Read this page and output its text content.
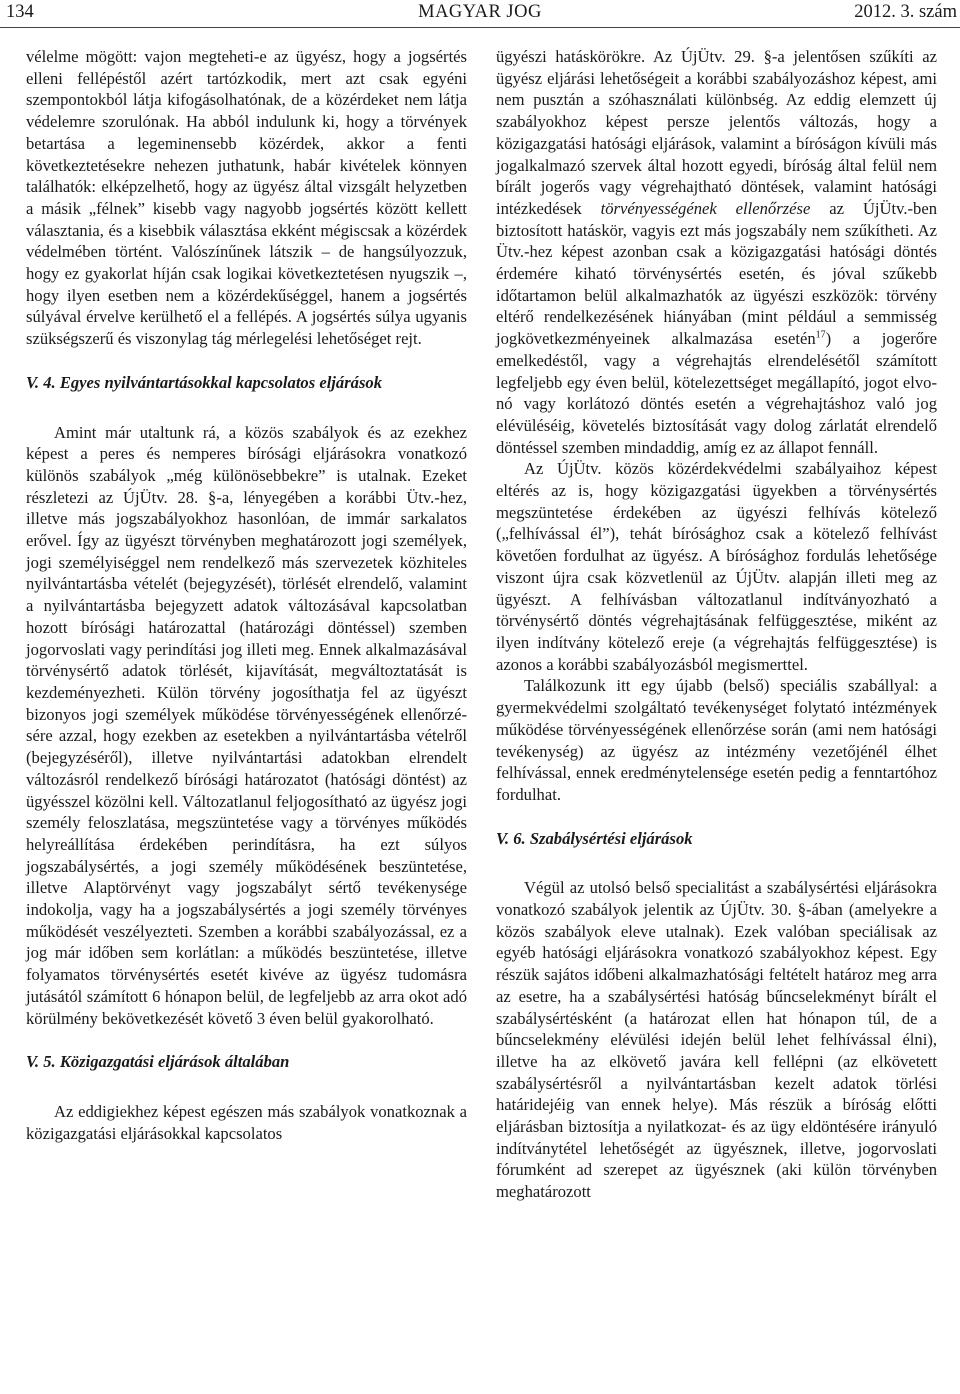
134	MAGYAR JOG	2012. 3. szám

vélelme mögött: vajon megteheti-e az ügyész, hogy a jogsértés elleni fellépéstől azért tartózkodik, mert azt csak egyéni szempontokból látja kifogásolhatónak, de a közérdeket nem látja védelemre szorulónak. Ha abból indulunk ki, hogy a törvények betartása a legeminensebb közérdek, akkor a fenti következtetésekre nehezen juthatunk, habár kivételek könnyen találhatók: elképzelhető, hogy az ügyész által vizsgált helyzetben a másik „félnek” kisebb vagy nagyobb jogsértés között kellett választania, és a kisebbik választása ekként mégiscsak a közérdek védelmében történt. Valószínűnek látszik – de hangsúlyozzuk, hogy ez gyakorlat híján csak logikai következtetésen nyugszik –, hogy ilyen esetben nem a közérdekűséggel, hanem a jogsértés súlyával érvelve kerülhető el a fellépés. A jogsértés súlya ugyanis szükségszerű és viszonylag tág mérlegelési lehetőséget rejt.

V. 4. Egyes nyilvántartásokkal kapcsolatos eljárások

Amint már utaltunk rá, a közös szabályok és az ezekhez képest a peres és nemperes bírósági eljárásokra vonatkozó különös szabályok „még különösebbekre” is utalnak. Ezeket részletezi az ÚjÜtv. 28. §-a, lényegében a korábbi Ütv.-hez, illetve más jogszabályokhoz hasonlóan, de immár sarkalatos erővel. Így az ügyészt törvényben meghatározott jogi személyek, jogi személyiséggel nem rendelkező más szervezetek közhiteles nyilvántartásba vételét (bejegyzését), törlését elrendelő, valamint a nyilvántartásba bejegyzett adatok változásával kapcsolatban hozott bírósági határozattal (határozági döntéssel) szemben jogorvoslati vagy perindítási jog illeti meg. Ennek alkalmazásával törvénysértő adatok törlését, kijavítását, megváltoztatását is kezdeményezheti. Külön törvény jogosíthatja fel az ügyészt bizonyos jogi személyek működése törvényességének ellenőrzésére azzal, hogy ezekben az esetekben a nyilvántartásba vételről (bejegyzéséről), illetve nyilvántartási adatokban elrendelt változásról rendelkező bírósági határozatot (hatósági döntést) az ügyésszel közölni kell. Változatlanul feljogosítható az ügyész jogi személy feloszlatása, megszüntetése vagy a törvényes működés helyreállítása érdekében perindításra, ha ezt súlyos jogszabálysértés, a jogi személy működésének beszüntetése, illetve Alaptörvényt vagy jogszabályt sértő tevékenysége indokolja, vagy ha a jogszabálysértés a jogi személy törvényes működését veszélyezteti. Szemben a korábbi szabályozással, ez a jog már időben sem korlátlan: a működés beszüntetése, illetve folyamatos törvénysértés esetét kivéve az ügyész tudomásra jutásától számított 6 hónapon belül, de legfeljebb az arra okot adó körülmény bekövetkezését követő 3 éven belül gyakorolható.

V. 5. Közigazgatási eljárások általában

Az eddigiekhez képest egészen más szabályok vonatkoznak a közigazgatási eljárásokkal kapcsolatos

ügyészi hatáskörökre. Az ÚjÜtv. 29. §-a jelentősen szűkíti az ügyész eljárási lehetőségeit a korábbi szabályozáshoz képest, ami nem pusztán a szóhasználati különbség. Az eddig elemzett új szabályokhoz képest persze jelentős változás, hogy a közigazgatási hatósági eljárások, valamint a bíróságon kívüli más jogalkalmazó szervek által hozott egyedi, bíróság által felül nem bírált jogerős vagy végrehajtható döntések, valamint hatósági intézkedések törvényességének ellenőrzése az ÚjÜtv.-ben biztosított hatáskör, vagyis ezt más jogszabály nem szűkítheti. Az Ütv.-hez képest azonban csak a közigazgatási hatósági döntés érdemére kiható törvénysértés esetén, és jóval szűkebb időtartamon belül alkalmazhatók az ügyészi eszközök: törvény eltérő rendelkezésének hiányában (mint például a semmisség jogkövetkezményeinek alkalmazása esetén$^{17}$) a jogerőre emelkedéstől, vagy a végrehajtás elrendelésétől számított legfeljebb egy éven belül, kötelezettséget megállapító, jogot elvonó vagy korlátozó döntés esetén a végrehajtáshoz való jog elévüléséig, követelés biztosítását vagy dolog zárlatát elrendelő döntéssel szemben mindaddig, amíg ez az állapot fennáll.

Az ÚjÜtv. közös közérdekvédelmi szabályaihoz képest eltérés az is, hogy közigazgatási ügyekben a törvénysértés megszüntetése érdekében az ügyészi felhívás kötelező („felhívással él”), tehát bírósághoz csak a kötelező felhívást követően fordulhat az ügyész. A bírósághoz fordulás lehetősége viszont újra csak közvetlenül az ÚjÜtv. alapján illeti meg az ügyészt. A felhívásban változatlanul indítványozható a törvénysértő döntés végrehajtásának felfüggesztése, miként az ilyen indítvány kötelező ereje (a végrehajtás felfüggesztése) is azonos a korábbi szabályozásból megismerttel.

Találkozunk itt egy újabb (belső) speciális szabállyal: a gyermekvédelmi szolgáltató tevékenységet folytató intézmények működése törvényességének ellenőrzése során (ami nem hatósági tevékenység) az ügyész az intézmény vezetőjénél élhet felhívással, ennek eredménytelensége esetén pedig a fenntartóhoz fordulhat.

V. 6. Szabálysértési eljárások

Végül az utolsó belső specialitást a szabálysértési eljárásokra vonatkozó szabályok jelentik az ÚjÜtv. 30. §-ában (amelyekre a közös szabályok eleve utalnak). Ezek valóban speciálisak az egyéb hatósági eljárásokra vonatkozó szabályokhoz képest. Egy részük sajátos időbeni alkalmazhatósági feltételt határoz meg arra az esetre, ha a szabálysértési hatóság bűncselekményt bírált el szabálysértésként (a határozat ellen hat hónapon túl, de a bűncselekmény elévülési idején belül lehet felhívással élni), illetve ha az elkövető javára kell fellépni (az elkövetett szabálysértésről a nyilvántartásban kezelt adatok törlési határidejéig van ennek helye). Más részük a bíróság előtti eljárásban biztosítja a nyilatkozat- és az ügy eldöntésére irányuló indítványtétel lehetőségét az ügyésznek, illetve, jogorvoslati fórumként ad szerepet az ügyésznek (aki külön törvényben meghatározott
